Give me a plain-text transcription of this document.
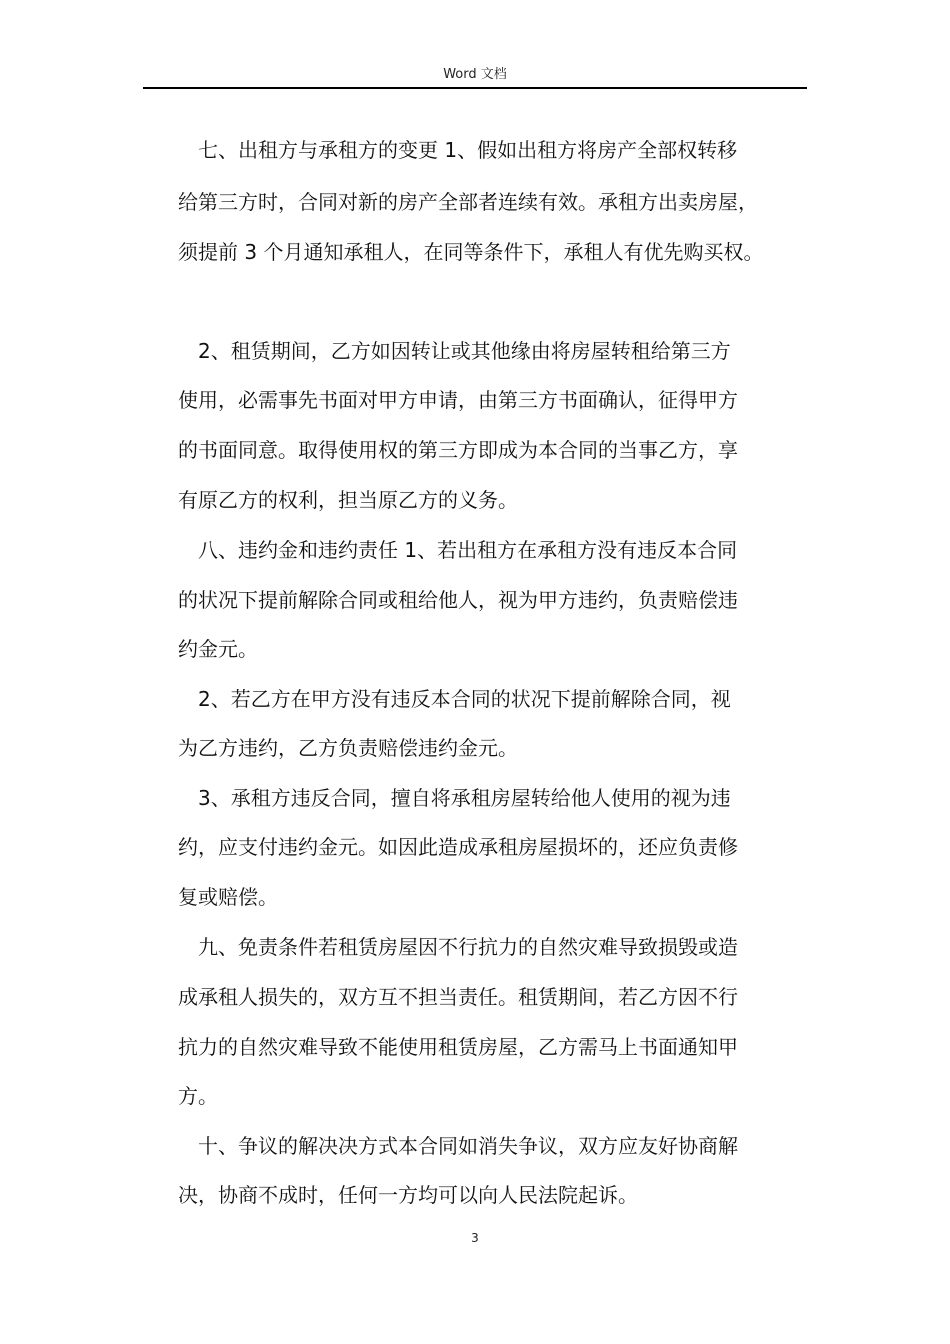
Word 文档
　七、出租方与承租方的变更 1、假如出租方将房产全部权转移
给第三方时，合同对新的房产全部者连续有效。承租方出卖房屋，
须提前 3 个月通知承租人，在同等条件下，承租人有优先购买权。
　2、租赁期间，乙方如因转让或其他缘由将房屋转租给第三方
使用，必需事先书面对甲方申请，由第三方书面确认，征得甲方
的书面同意。取得使用权的第三方即成为本合同的当事乙方，享
有原乙方的权利，担当原乙方的义务。
　八、违约金和违约责任 1、若出租方在承租方没有违反本合同
的状况下提前解除合同或租给他人，视为甲方违约，负责赔偿违
约金元。
　2、若乙方在甲方没有违反本合同的状况下提前解除合同，视
为乙方违约，乙方负责赔偿违约金元。
　3、承租方违反合同，擅自将承租房屋转给他人使用的视为违
约，应支付违约金元。如因此造成承租房屋损坏的，还应负责修
复或赔偿。
　九、免责条件若租赁房屋因不行抗力的自然灾难导致损毁或造
成承租人损失的，双方互不担当责任。租赁期间，若乙方因不行
抗力的自然灾难导致不能使用租赁房屋，乙方需马上书面通知甲
方。
　十、争议的解决决方式本合同如消失争议，双方应友好协商解
决，协商不成时，任何一方均可以向人民法院起诉。
3
